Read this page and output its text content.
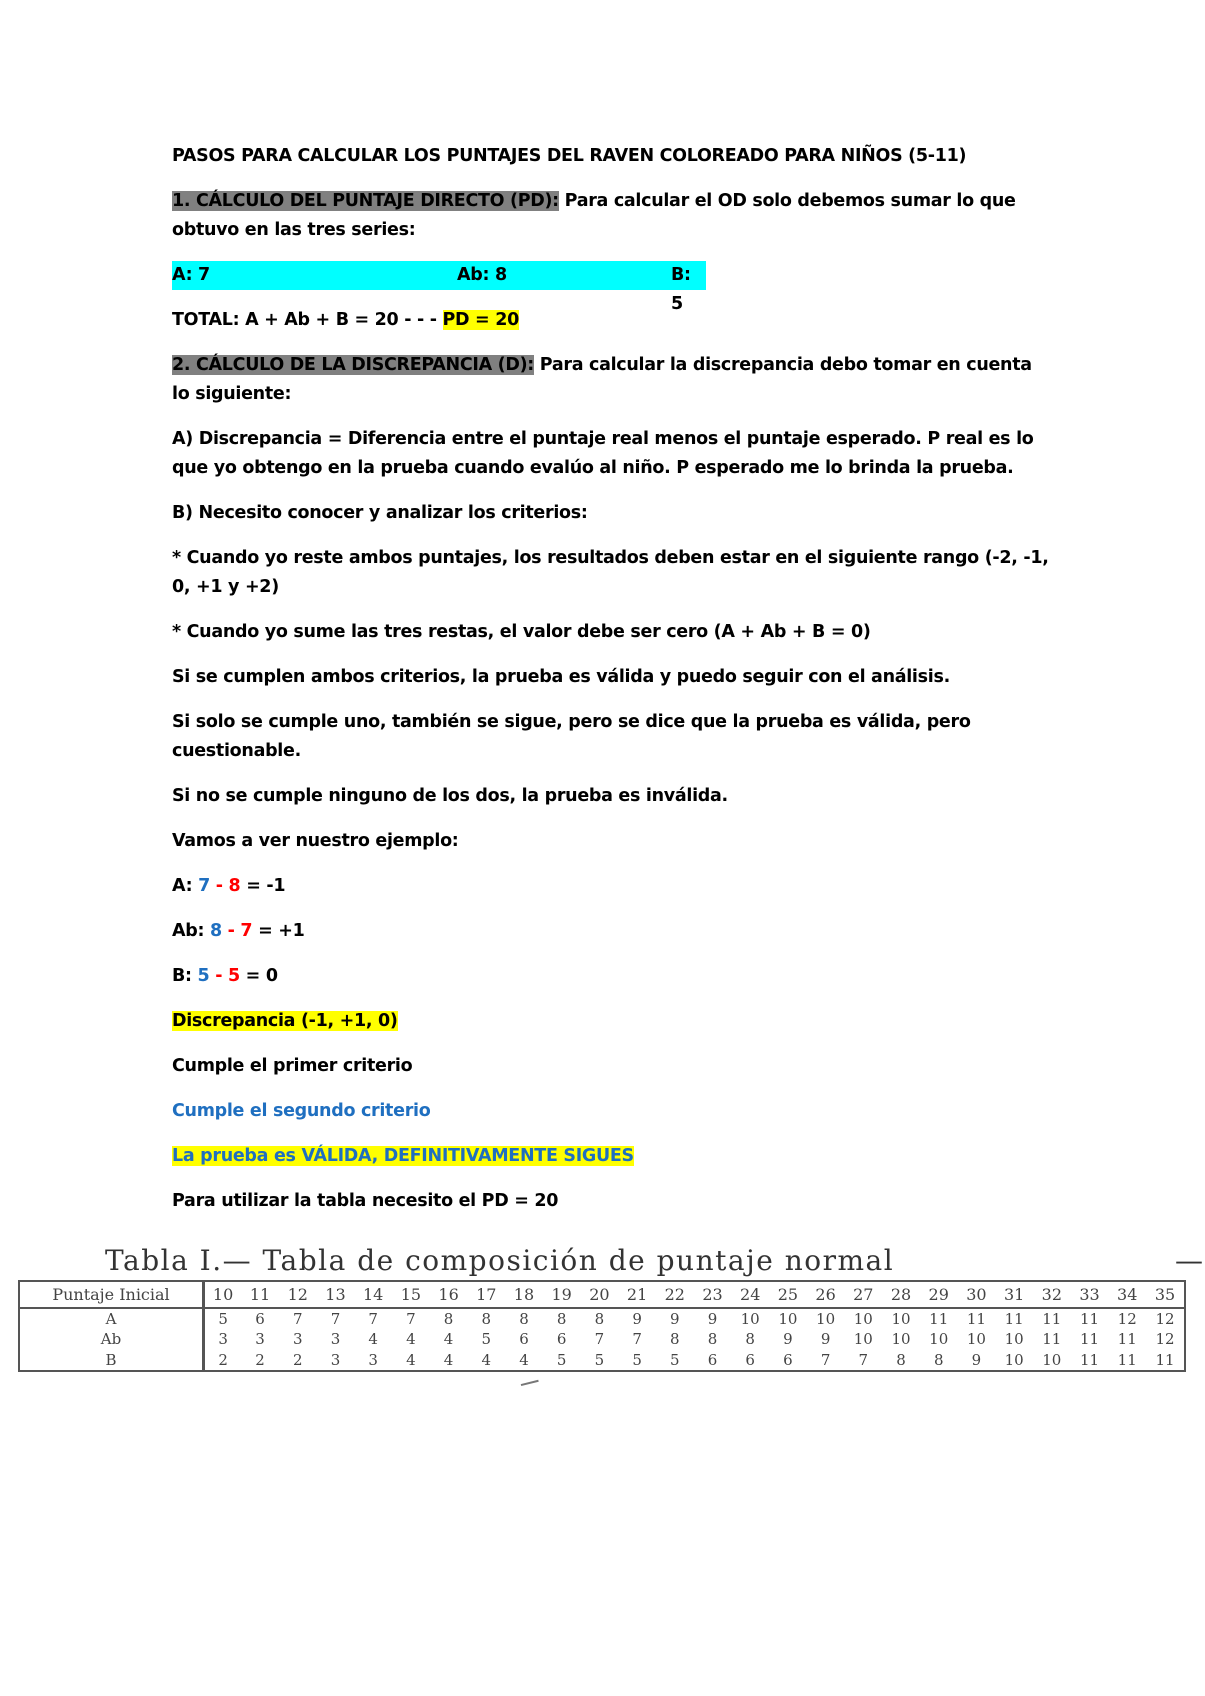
PASOS PARA CALCULAR LOS PUNTAJES DEL RAVEN COLOREADO PARA NIÑOS (5-11)

1. CÁLCULO DEL PUNTAJE DIRECTO (PD): Para calcular el OD solo debemos sumar lo que obtuvo en las tres series:

A: 7	Ab: 8	B: 5

TOTAL: A + Ab + B = 20 - - - PD = 20

2. CÁLCULO DE LA DISCREPANCIA (D): Para calcular la discrepancia debo tomar en cuenta lo siguiente:

A) Discrepancia = Diferencia entre el puntaje real menos el puntaje esperado. P real es lo que yo obtengo en la prueba cuando evalúo al niño. P esperado me lo brinda la prueba.

B) Necesito conocer y analizar los criterios:

* Cuando yo reste ambos puntajes, los resultados deben estar en el siguiente rango (-2, -1, 0, +1 y +2)

* Cuando yo sume las tres restas, el valor debe ser cero (A + Ab + B = 0)

Si se cumplen ambos criterios, la prueba es válida y puedo seguir con el análisis.

Si solo se cumple uno, también se sigue, pero se dice que la prueba es válida, pero cuestionable.

Si no se cumple ninguno de los dos, la prueba es inválida.

Vamos a ver nuestro ejemplo:

A: 7 - 8 = -1

Ab: 8 - 7 = +1

B: 5 - 5 = 0

Discrepancia (-1, +1, 0)

Cumple el primer criterio

Cumple el segundo criterio

La prueba es VÁLIDA, DEFINITIVAMENTE SIGUES

Para utilizar la tabla necesito el PD = 20

Tabla I.— Tabla de composición de puntaje normal	—
Puntaje Inicial	10	11	12	13	14	15	16	17	18	19	20	21	22	23	24	25	26	27	28	29	30	31	32	33	34	35
A	5	6	7	7	7	7	8	8	8	8	8	9	9	9	10	10	10	10	10	11	11	11	11	11	12	12
Ab	3	3	3	3	4	4	4	5	6	6	7	7	8	8	8	9	9	10	10	10	10	10	11	11	11	12
B	2	2	2	3	3	4	4	4	4	5	5	5	5	6	6	6	7	7	8	8	9	10	10	11	11	11
